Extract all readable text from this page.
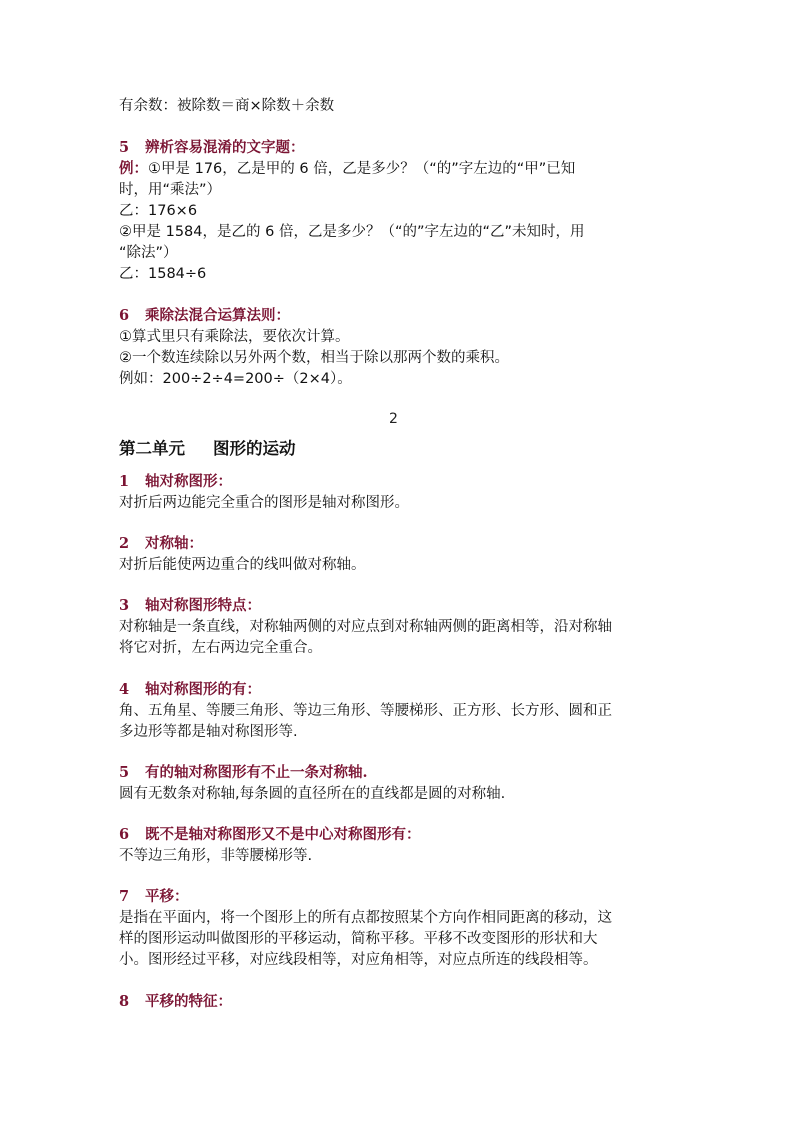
有余数：被除数＝商×除数＋余数
5 辨析容易混淆的文字题：
例：①甲是 176，乙是甲的 6 倍，乙是多少？（“的”字左边的“甲”已知
时，用“乘法”）
乙：176×6
②甲是 1584，是乙的 6 倍，乙是多少？（“的”字左边的“乙”未知时，用
“除法”）
乙：1584÷6
6 乘除法混合运算法则：
①算式里只有乘除法，要依次计算。
②一个数连续除以另外两个数，相当于除以那两个数的乘积。
例如：200÷2÷4=200÷（2×4）。
2
第二单元 图形的运动
1 轴对称图形：
对折后两边能完全重合的图形是轴对称图形。
2 对称轴：
对折后能使两边重合的线叫做对称轴。
3 轴对称图形特点：
对称轴是一条直线，对称轴两侧的对应点到对称轴两侧的距离相等，沿对称轴
将它对折，左右两边完全重合。
4 轴对称图形的有：
角、五角星、等腰三角形、等边三角形、等腰梯形、正方形、长方形、圆和正
多边形等都是轴对称图形等.
5 有的轴对称图形有不止一条对称轴.
圆有无数条对称轴,每条圆的直径所在的直线都是圆的对称轴.
6 既不是轴对称图形又不是中心对称图形有：
不等边三角形，非等腰梯形等.
7 平移：
是指在平面内，将一个图形上的所有点都按照某个方向作相同距离的移动，这
样的图形运动叫做图形的平移运动，简称平移。平移不改变图形的形状和大
小。图形经过平移，对应线段相等，对应角相等，对应点所连的线段相等。
8 平移的特征：
